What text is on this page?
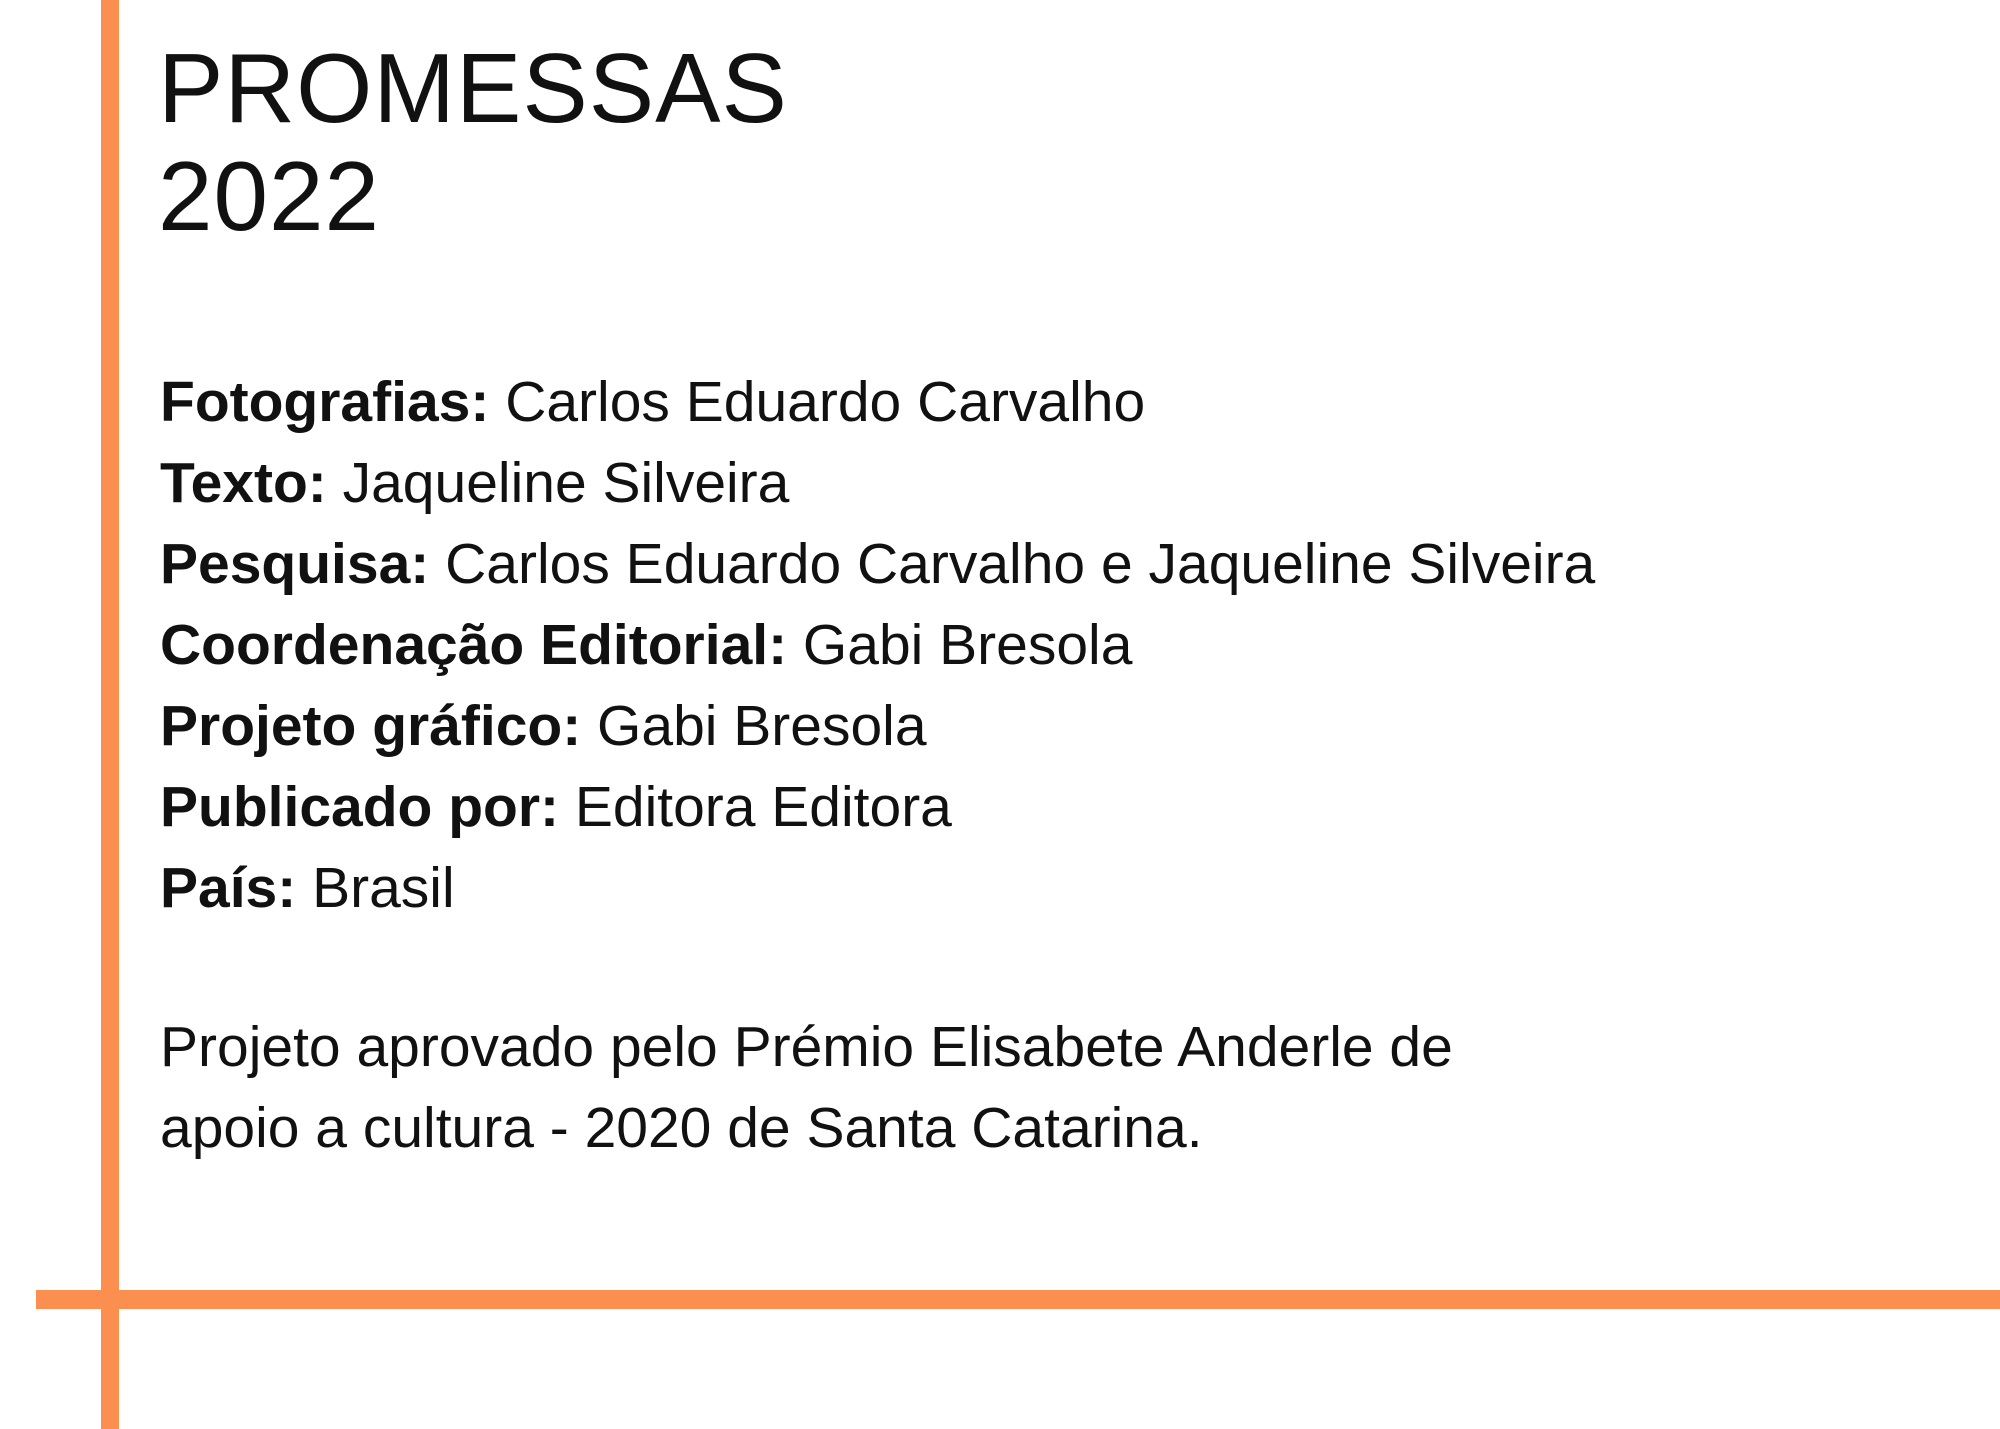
PROMESSAS
2022
Fotografias: Carlos Eduardo Carvalho
Texto: Jaqueline Silveira
Pesquisa: Carlos Eduardo Carvalho e Jaqueline Silveira
Coordenação Editorial: Gabi Bresola
Projeto gráfico: Gabi Bresola
Publicado por: Editora Editora
País: Brasil
Projeto aprovado pelo Prémio Elisabete Anderle de
apoio a cultura - 2020 de Santa Catarina.
